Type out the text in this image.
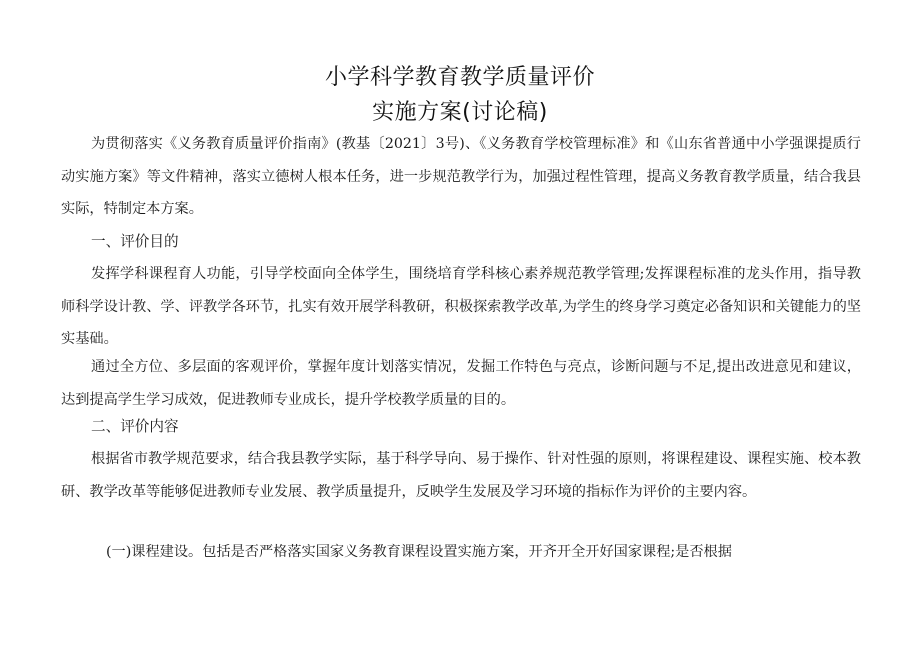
小学科学教育教学质量评价
实施方案(讨论稿)
为贯彻落实《义务教育质量评价指南》(教基〔2021〕3号)、《义务教育学校管理标准》和《山东省普通中小学强课提质行动实施方案》等文件精神，落实立德树人根本任务，进一步规范教学行为，加强过程性管理，提高义务教育教学质量，结合我县实际，特制定本方案。
一、评价目的
发挥学科课程育人功能，引导学校面向全体学生，围绕培育学科核心素养规范教学管理;发挥课程标准的龙头作用，指导教师科学设计教、学、评教学各环节，扎实有效开展学科教研，积极探索教学改革,为学生的终身学习奠定必备知识和关键能力的坚实基础。
通过全方位、多层面的客观评价，掌握年度计划落实情况，发掘工作特色与亮点，诊断问题与不足,提出改进意见和建议，达到提高学生学习成效，促进教师专业成长，提升学校教学质量的目的。
二、评价内容
根据省市教学规范要求，结合我县教学实际，基于科学导向、易于操作、针对性强的原则，将课程建设、课程实施、校本教研、教学改革等能够促进教师专业发展、教学质量提升，反映学生发展及学习环境的指标作为评价的主要内容。
(一)课程建设。包括是否严格落实国家义务教育课程设置实施方案，开齐开全开好国家课程;是否根据
